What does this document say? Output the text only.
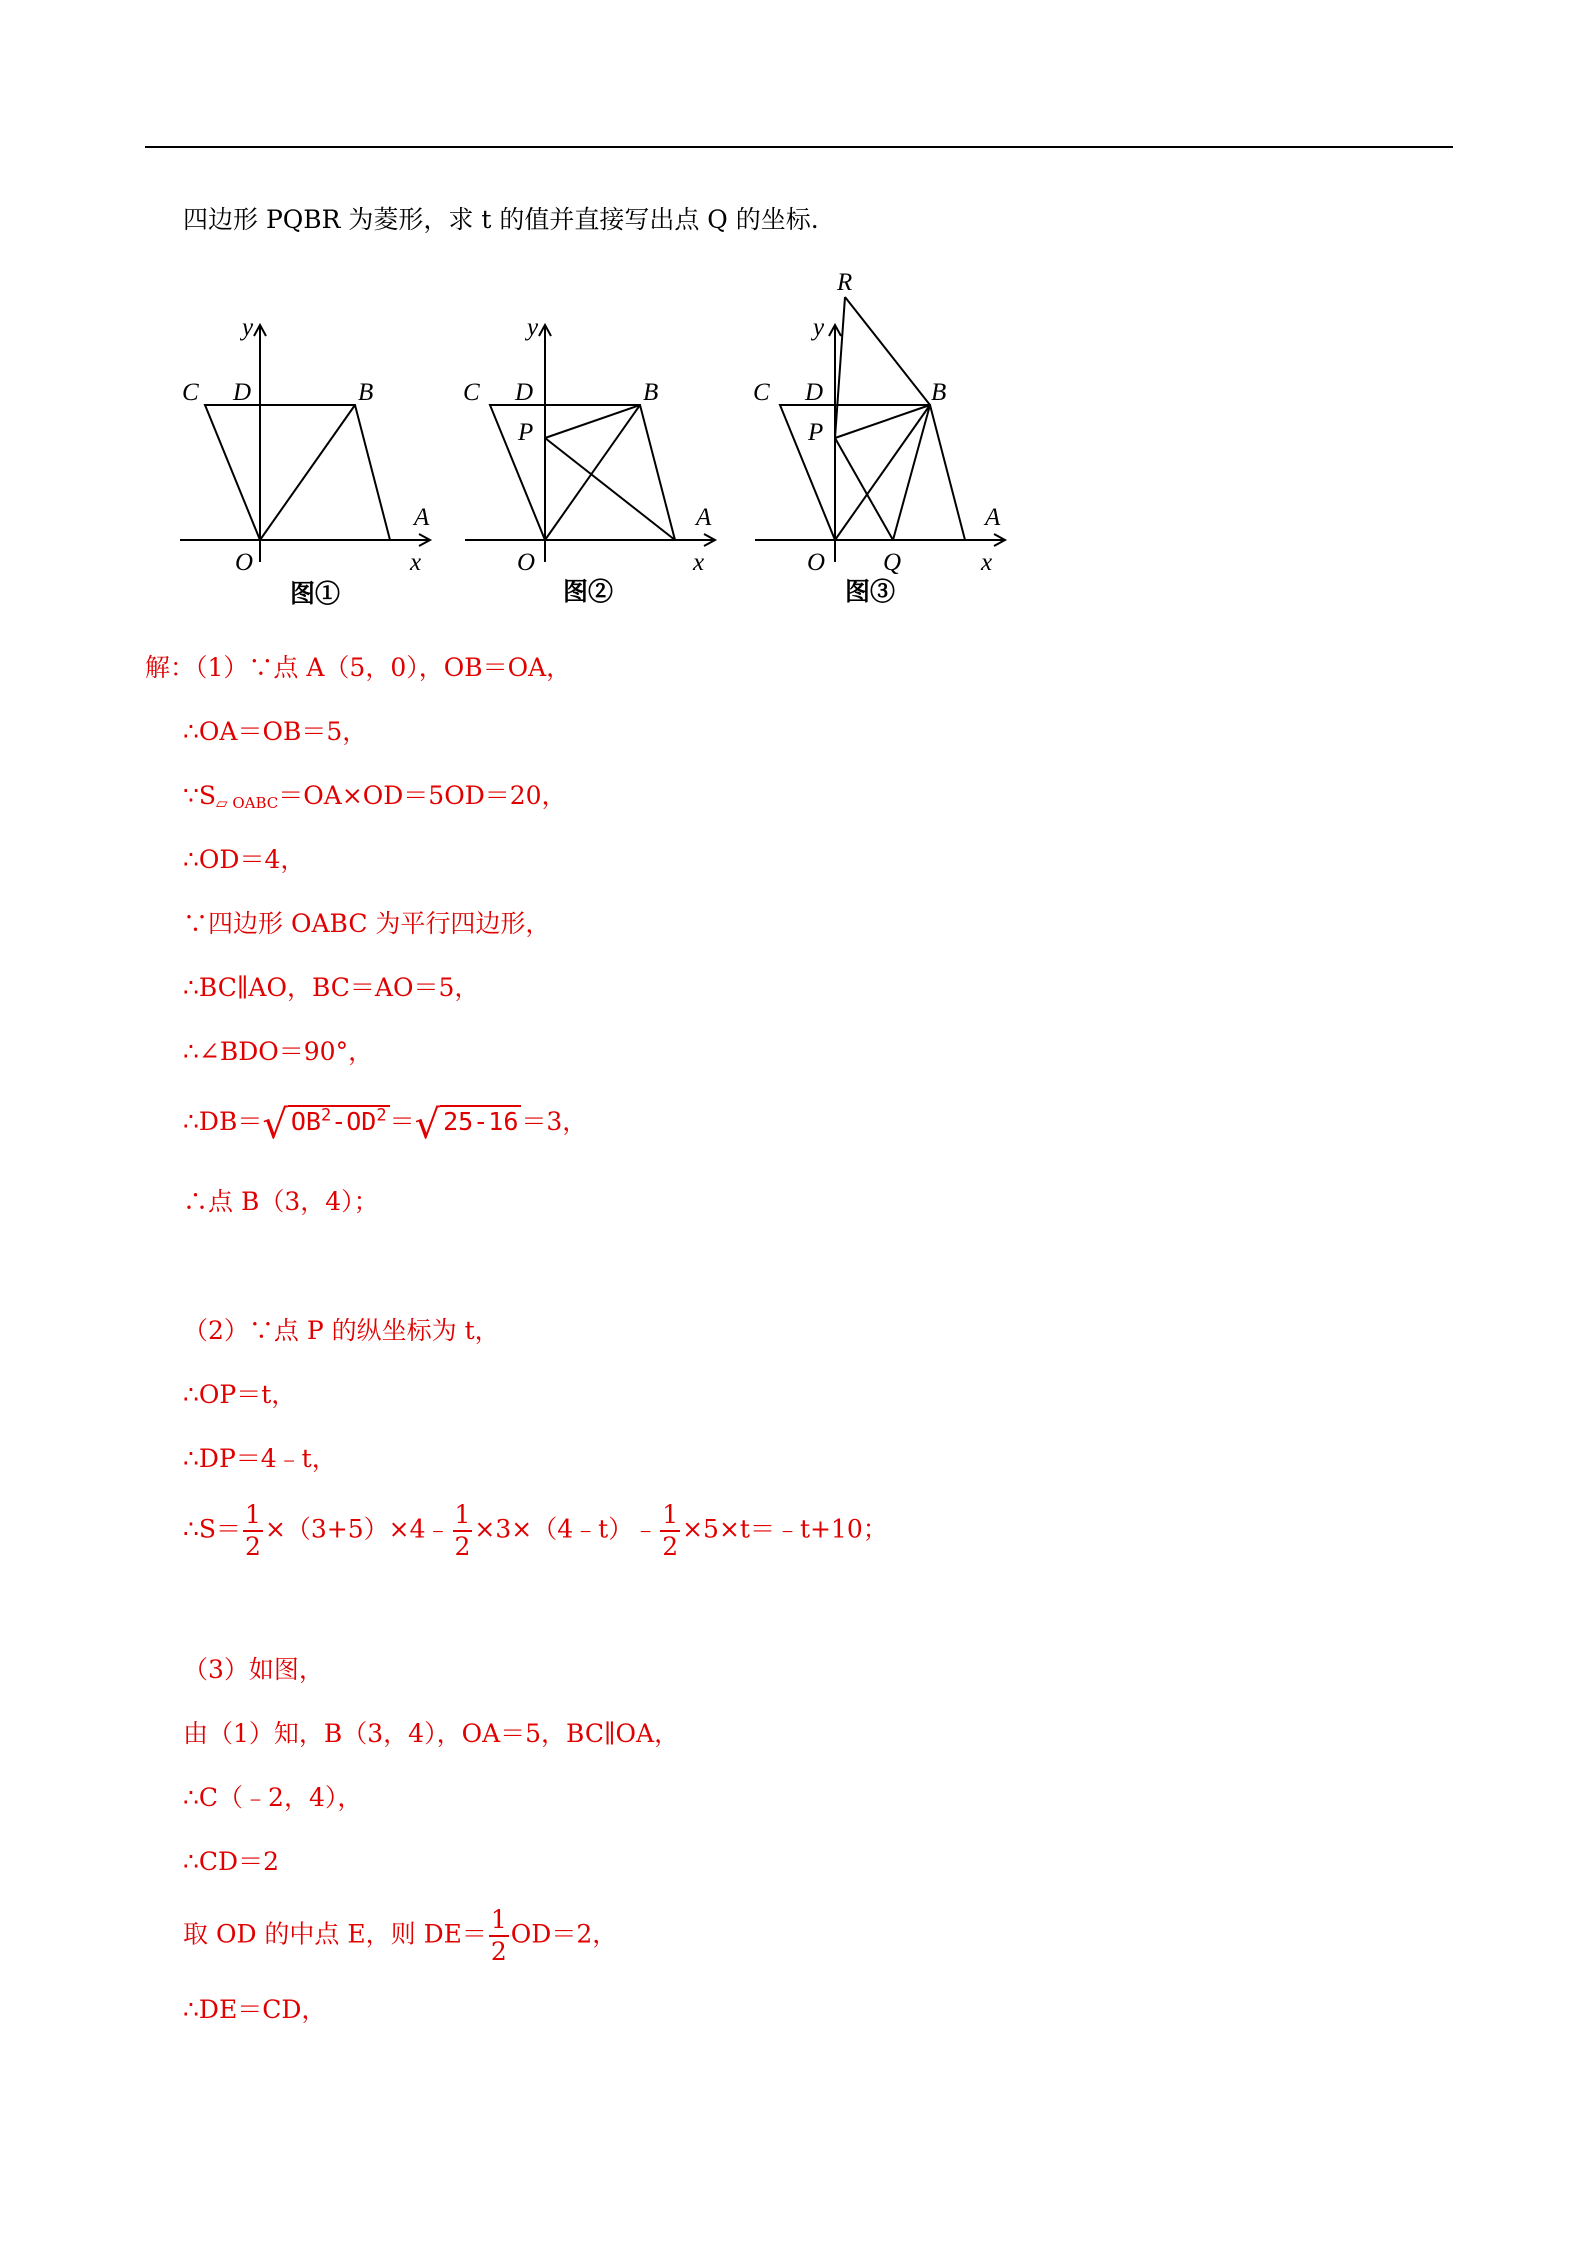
四边形 PQBR 为菱形，求 t 的值并直接写出点 Q 的坐标.
y
C D	B
A
O	x
图①
y
C D	B
P
A
O	x
图②
R
y
C D	B
P
A
O Q	x
图③
解：（1）∵点 A（5，0），OB＝OA，
∴OA＝OB＝5，
$\because S_{▱ OABC}=OA\times OD=5OD=20$，
∴OD＝4，
∵四边形 OABC 为平行四边形，
∴BC∥AO，BC＝AO＝5，
∴∠BDO＝90°，
∴DB＝√ $OB^2-OD^2$ ＝√ 25-16 ＝3，
∴点 B（3，4）；
（2）∵点 P 的纵坐标为 t，
∴OP＝t，
∴DP＝4﹣t，
∴S＝ $\frac{1}{2}$ ×（3+5）×4﹣ $\frac{1}{2}$ ×3×（4﹣t）﹣ $\frac{1}{2}$ ×5×t＝﹣t+10；
（3）如图，
由（1）知，B（3，4），OA＝5，BC∥OA，
∴C（﹣2，4），
∴CD＝2
取 OD 的中点 E，则 $DE= \frac{1}{2} OD=2$，
∴DE＝CD，
